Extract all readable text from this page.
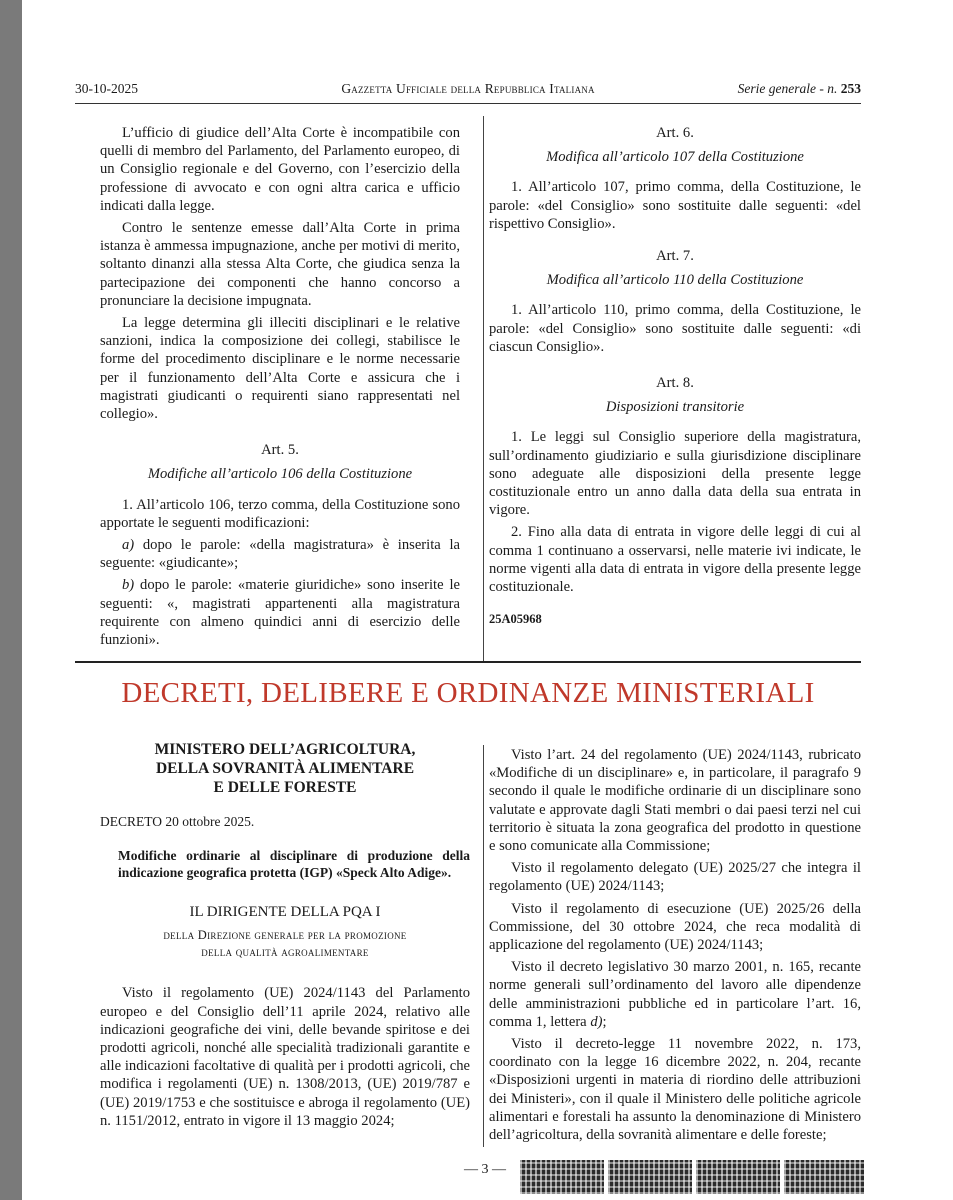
30-10-2025	Gazzetta Ufficiale della Repubblica Italiana	Serie generale - n. 253

L’ufficio di giudice dell’Alta Corte è incompatibile con quelli di membro del Parlamento, del Parlamento europeo, di un Consiglio regionale e del Governo, con l’esercizio della professione di avvocato e con ogni altra carica e ufficio indicati dalla legge.

Contro le sentenze emesse dall’Alta Corte in prima istanza è ammessa impugnazione, anche per motivi di merito, soltanto dinanzi alla stessa Alta Corte, che giudica senza la partecipazione dei componenti che hanno concorso a pronunciare la decisione impugnata.

La legge determina gli illeciti disciplinari e le relative sanzioni, indica la composizione dei collegi, stabilisce le forme del procedimento disciplinare e le norme necessarie per il funzionamento dell’Alta Corte e assicura che i magistrati giudicanti o requirenti siano rappresentati nel collegio».

Art. 5.

Modifiche all’articolo 106 della Costituzione

1. All’articolo 106, terzo comma, della Costituzione sono apportate le seguenti modificazioni:

a) dopo le parole: «della magistratura» è inserita la seguente: «giudicante»;

b) dopo le parole: «materie giuridiche» sono inserite le seguenti: «, magistrati appartenenti alla magistratura requirente con almeno quindici anni di esercizio delle funzioni».

Art. 6.

Modifica all’articolo 107 della Costituzione

1. All’articolo 107, primo comma, della Costituzione, le parole: «del Consiglio» sono sostituite dalle seguenti: «del rispettivo Consiglio».

Art. 7.

Modifica all’articolo 110 della Costituzione

1. All’articolo 110, primo comma, della Costituzione, le parole: «del Consiglio» sono sostituite dalle seguenti: «di ciascun Consiglio».

Art. 8.

Disposizioni transitorie

1. Le leggi sul Consiglio superiore della magistratura, sull’ordinamento giudiziario e sulla giurisdizione disciplinare sono adeguate alle disposizioni della presente legge costituzionale entro un anno dalla data della sua entrata in vigore.

2. Fino alla data di entrata in vigore delle leggi di cui al comma 1 continuano a osservarsi, nelle materie ivi indicate, le norme vigenti alla data di entrata in vigore della presente legge costituzionale.

25A05968

DECRETI, DELIBERE E ORDINANZE MINISTERIALI
MINISTERO DELL’AGRICOLTURA,
DELLA SOVRANITÀ ALIMENTARE
E DELLE FORESTE

DECRETO 20 ottobre 2025.

Modifiche ordinarie al disciplinare di produzione della indicazione geografica protetta (IGP) «Speck Alto Adige».

IL DIRIGENTE DELLA PQA I
della Direzione generale per la promozione
della qualità agroalimentare

Visto il regolamento (UE) 2024/1143 del Parlamento europeo e del Consiglio dell’11 aprile 2024, relativo alle indicazioni geografiche dei vini, delle bevande spiritose e dei prodotti agricoli, nonché alle specialità tradizionali garantite e alle indicazioni facoltative di qualità per i prodotti agricoli, che modifica i regolamenti (UE) n. 1308/2013, (UE) 2019/787 e (UE) 2019/1753 e che sostituisce e abroga il regolamento (UE) n. 1151/2012, entrato in vigore il 13 maggio 2024;

Visto l’art. 24 del regolamento (UE) 2024/1143, rubricato «Modifiche di un disciplinare» e, in particolare, il paragrafo 9 secondo il quale le modifiche ordinarie di un disciplinare sono valutate e approvate dagli Stati membri o dai paesi terzi nel cui territorio è situata la zona geografica del prodotto in questione e sono comunicate alla Commissione;

Visto il regolamento delegato (UE) 2025/27 che integra il regolamento (UE) 2024/1143;

Visto il regolamento di esecuzione (UE) 2025/26 della Commissione, del 30 ottobre 2024, che reca modalità di applicazione del regolamento (UE) 2024/1143;

Visto il decreto legislativo 30 marzo 2001, n. 165, recante norme generali sull’ordinamento del lavoro alle dipendenze delle amministrazioni pubbliche ed in particolare l’art. 16, comma 1, lettera d);

Visto il decreto-legge 11 novembre 2022, n. 173, coordinato con la legge 16 dicembre 2022, n. 204, recante «Disposizioni urgenti in materia di riordino delle attribuzioni dei Ministeri», con il quale il Ministero delle politiche agricole alimentari e forestali ha assunto la denominazione di Ministero dell’agricoltura, della sovranità alimentare e delle foreste;

— 3 —
